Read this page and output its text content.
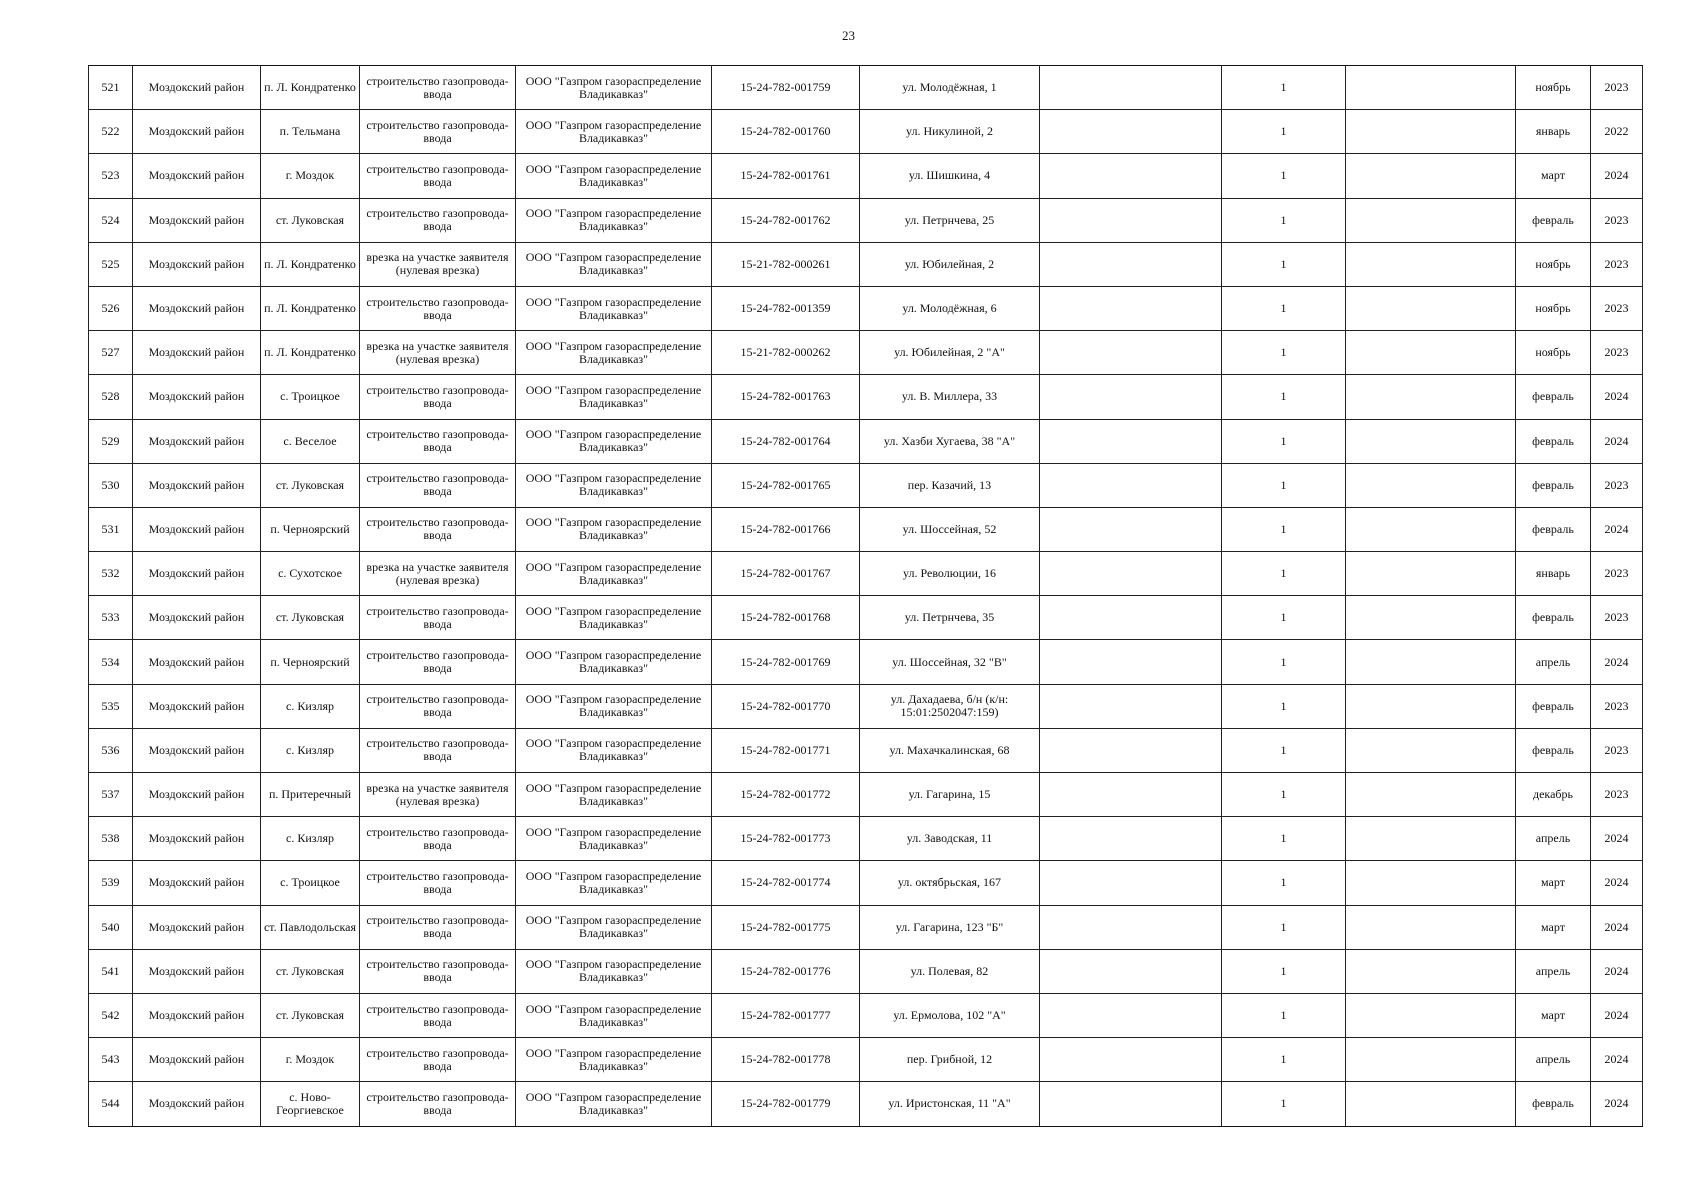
23
521	Моздокский район	п. Л. Кондратенко	строительство газопровода-ввода	ООО "Газпром газораспределение Владикавказ"	15-24-782-001759	ул. Молодёжная, 1		1		ноябрь	2023
522	Моздокский район	п. Тельмана	строительство газопровода-ввода	ООО "Газпром газораспределение Владикавказ"	15-24-782-001760	ул. Никулиной, 2		1		январь	2022
523	Моздокский район	г. Моздок	строительство газопровода-ввода	ООО "Газпром газораспределение Владикавказ"	15-24-782-001761	ул. Шишкина, 4		1		март	2024
524	Моздокский район	ст. Луковская	строительство газопровода-ввода	ООО "Газпром газораспределение Владикавказ"	15-24-782-001762	ул. Петрнчева, 25		1		февраль	2023
525	Моздокский район	п. Л. Кондратенко	врезка на участке заявителя (нулевая врезка)	ООО "Газпром газораспределение Владикавказ"	15-21-782-000261	ул. Юбилейная, 2		1		ноябрь	2023
526	Моздокский район	п. Л. Кондратенко	строительство газопровода-ввода	ООО "Газпром газораспределение Владикавказ"	15-24-782-001359	ул. Молодёжная, 6		1		ноябрь	2023
527	Моздокский район	п. Л. Кондратенко	врезка на участке заявителя (нулевая врезка)	ООО "Газпром газораспределение Владикавказ"	15-21-782-000262	ул. Юбилейная, 2 "А"		1		ноябрь	2023
528	Моздокский район	с. Троицкое	строительство газопровода-ввода	ООО "Газпром газораспределение Владикавказ"	15-24-782-001763	ул. В. Миллера, 33		1		февраль	2024
529	Моздокский район	с. Веселое	строительство газопровода-ввода	ООО "Газпром газораспределение Владикавказ"	15-24-782-001764	ул. Хазби Хугаева, 38 "А"		1		февраль	2024
530	Моздокский район	ст. Луковская	строительство газопровода-ввода	ООО "Газпром газораспределение Владикавказ"	15-24-782-001765	пер. Казачий, 13		1		февраль	2023
531	Моздокский район	п. Черноярский	строительство газопровода-ввода	ООО "Газпром газораспределение Владикавказ"	15-24-782-001766	ул. Шоссейная, 52		1		февраль	2024
532	Моздокский район	с. Сухотское	врезка на участке заявителя (нулевая врезка)	ООО "Газпром газораспределение Владикавказ"	15-24-782-001767	ул. Революции, 16		1		январь	2023
533	Моздокский район	ст. Луковская	строительство газопровода-ввода	ООО "Газпром газораспределение Владикавказ"	15-24-782-001768	ул. Петрнчева, 35		1		февраль	2023
534	Моздокский район	п. Черноярский	строительство газопровода-ввода	ООО "Газпром газораспределение Владикавказ"	15-24-782-001769	ул. Шоссейная, 32 "В"		1		апрель	2024
535	Моздокский район	с. Кизляр	строительство газопровода-ввода	ООО "Газпром газораспределение Владикавказ"	15-24-782-001770	ул. Дахадаева, б/н (к/н: 15:01:2502047:159)		1		февраль	2023
536	Моздокский район	с. Кизляр	строительство газопровода-ввода	ООО "Газпром газораспределение Владикавказ"	15-24-782-001771	ул. Махачкалинская, 68		1		февраль	2023
537	Моздокский район	п. Притеречный	врезка на участке заявителя (нулевая врезка)	ООО "Газпром газораспределение Владикавказ"	15-24-782-001772	ул. Гагарина, 15		1		декабрь	2023
538	Моздокский район	с. Кизляр	строительство газопровода-ввода	ООО "Газпром газораспределение Владикавказ"	15-24-782-001773	ул. Заводская, 11		1		апрель	2024
539	Моздокский район	с. Троицкое	строительство газопровода-ввода	ООО "Газпром газораспределение Владикавказ"	15-24-782-001774	ул. октябрьская, 167		1		март	2024
540	Моздокский район	ст. Павлодольская	строительство газопровода-ввода	ООО "Газпром газораспределение Владикавказ"	15-24-782-001775	ул. Гагарина, 123 "Б"		1		март	2024
541	Моздокский район	ст. Луковская	строительство газопровода-ввода	ООО "Газпром газораспределение Владикавказ"	15-24-782-001776	ул. Полевая, 82		1		апрель	2024
542	Моздокский район	ст. Луковская	строительство газопровода-ввода	ООО "Газпром газораспределение Владикавказ"	15-24-782-001777	ул. Ермолова, 102 "А"		1		март	2024
543	Моздокский район	г. Моздок	строительство газопровода-ввода	ООО "Газпром газораспределение Владикавказ"	15-24-782-001778	пер. Грибной, 12		1		апрель	2024
544	Моздокский район	с. Ново-Георгиевское	строительство газопровода-ввода	ООО "Газпром газораспределение Владикавказ"	15-24-782-001779	ул. Иристонская, 11 "А"		1		февраль	2024
